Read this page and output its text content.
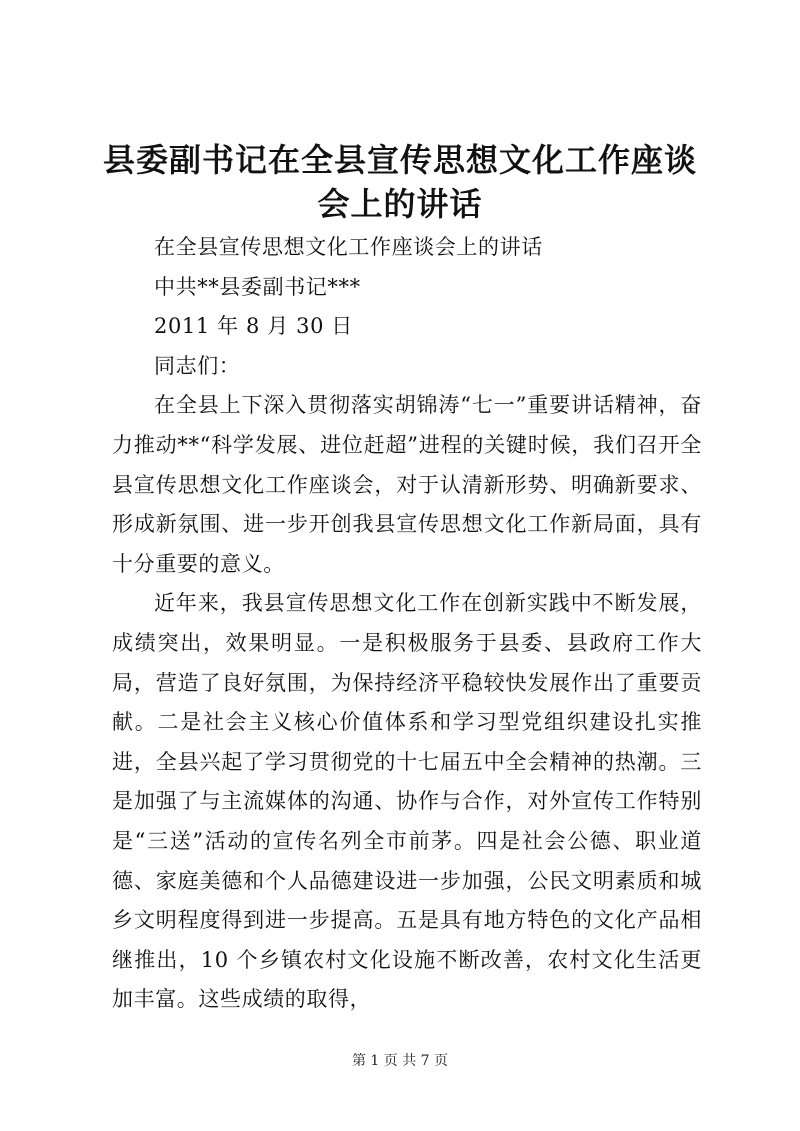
县委副书记在全县宣传思想文化工作座谈会上的讲话
在全县宣传思想文化工作座谈会上的讲话
中共**县委副书记***
2011 年 8 月 30 日
同志们：

在全县上下深入贯彻落实胡锦涛“七一”重要讲话精神，奋力推动**“科学发展、进位赶超”进程的关键时候，我们召开全县宣传思想文化工作座谈会，对于认清新形势、明确新要求、形成新氛围、进一步开创我县宣传思想文化工作新局面，具有十分重要的意义。

近年来，我县宣传思想文化工作在创新实践中不断发展，成绩突出，效果明显。一是积极服务于县委、县政府工作大局，营造了良好氛围，为保持经济平稳较快发展作出了重要贡献。二是社会主义核心价值体系和学习型党组织建设扎实推进，全县兴起了学习贯彻党的十七届五中全会精神的热潮。三是加强了与主流媒体的沟通、协作与合作，对外宣传工作特别是“三送”活动的宣传名列全市前茅。四是社会公德、职业道德、家庭美德和个人品德建设进一步加强，公民文明素质和城乡文明程度得到进一步提高。五是具有地方特色的文化产品相继推出，10 个乡镇农村文化设施不断改善，农村文化生活更加丰富。这些成绩的取得，

第 1 页 共 7 页
